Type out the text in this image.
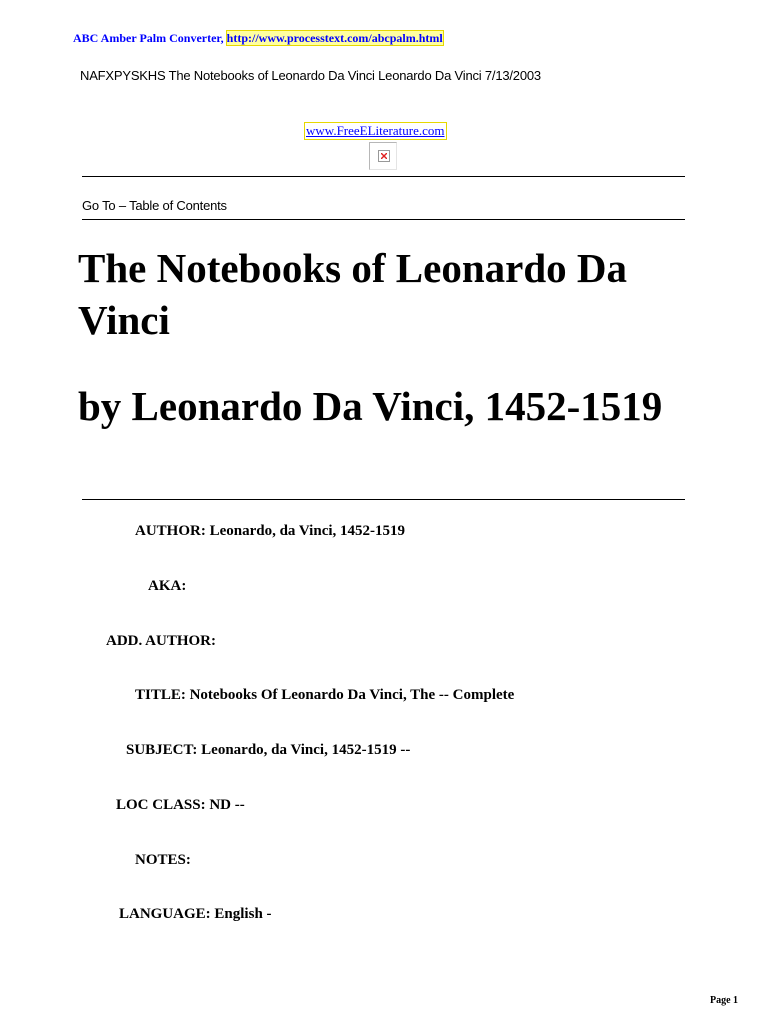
ABC Amber Palm Converter, http://www.processtext.com/abcpalm.html
NAFXPYSKHS The Notebooks of Leonardo Da Vinci Leonardo Da Vinci 7/13/2003
www.FreeELiterature.com
Go To – Table of Contents
The Notebooks of Leonardo Da Vinci
by Leonardo Da Vinci, 1452-1519
AUTHOR: Leonardo, da Vinci, 1452-1519
AKA:
ADD. AUTHOR:
TITLE: Notebooks Of Leonardo Da Vinci, The -- Complete
SUBJECT: Leonardo, da Vinci, 1452-1519 --
LOC CLASS: ND --
NOTES:
LANGUAGE: English -
Page 1
